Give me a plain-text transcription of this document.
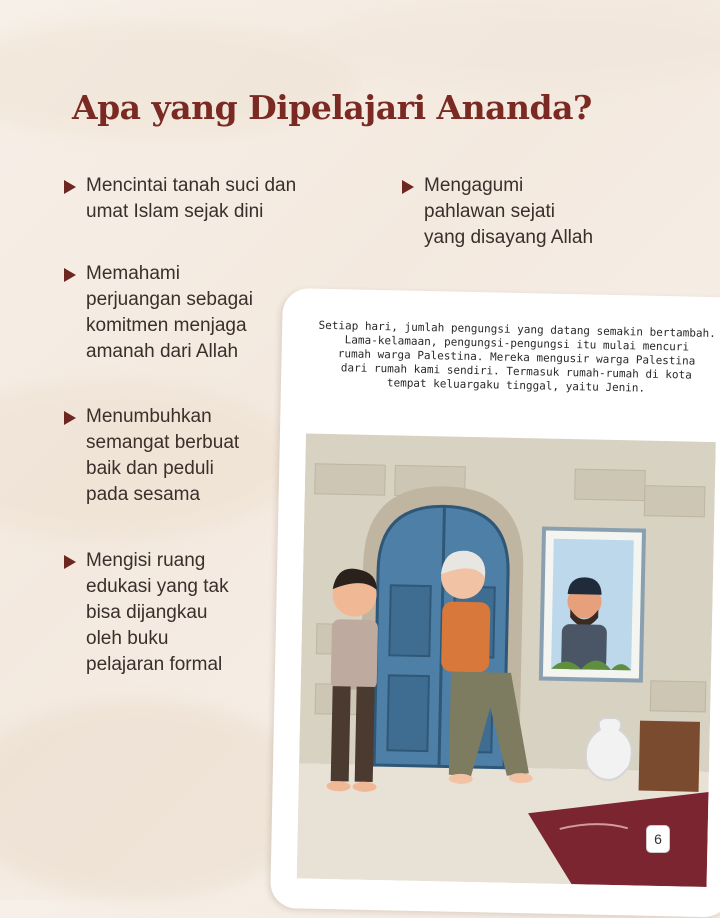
Apa yang Dipelajari Ananda?
Mencintai tanah suci dan
umat Islam sejak dini
Mengagumi
pahlawan sejati
yang disayang Allah
Memahami
perjuangan sebagai
komitmen menjaga
amanah dari Allah
Menumbuhkan
semangat berbuat
baik dan peduli
pada sesama
Mengisi ruang
edukasi yang tak
bisa dijangkau
oleh buku
pelajaran formal
Setiap hari, jumlah pengungsi yang datang semakin bertambah.
Lama-kelamaan, pengungsi-pengungsi itu mulai mencuri
rumah warga Palestina. Mereka mengusir warga Palestina
dari rumah kami sendiri. Termasuk rumah-rumah di kota
tempat keluargaku tinggal, yaitu Jenin.
6
